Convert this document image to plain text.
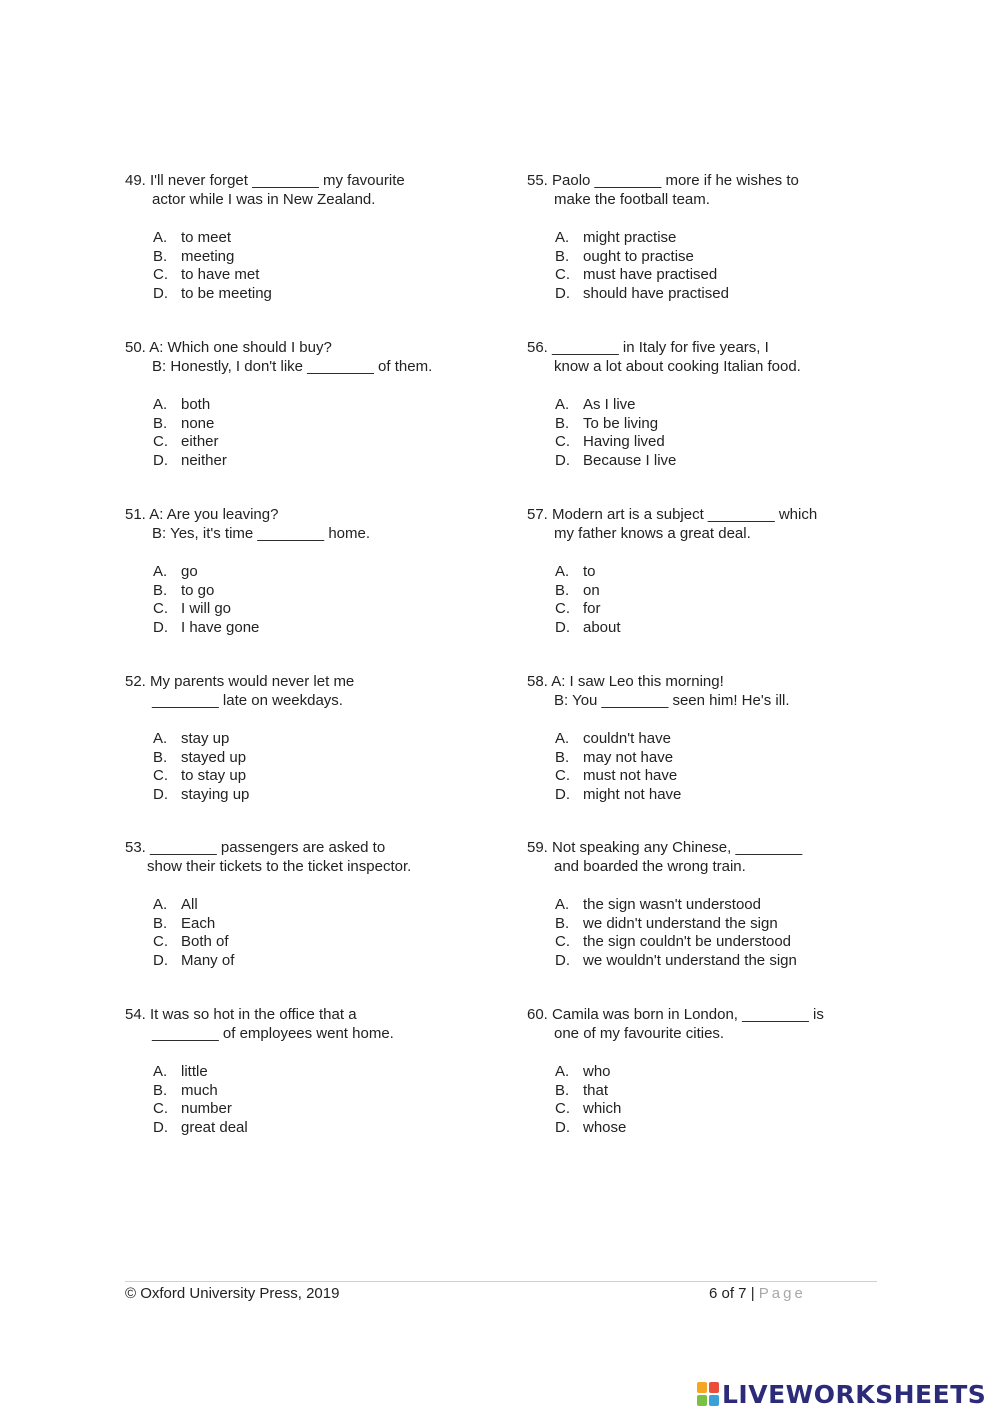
49. I'll never forget ________ my favourite
actor while I was in New Zealand.

A. to meet
B. meeting
C. to have met
D. to be meeting

50. A: Which one should I buy?
B: Honestly, I don't like ________ of them.

A. both
B. none
C. either
D. neither

51. A: Are you leaving?
B: Yes, it's time ________ home.

A. go
B. to go
C. I will go
D. I have gone

52. My parents would never let me
________ late on weekdays.

A. stay up
B. stayed up
C. to stay up
D. staying up

53. ________ passengers are asked to
show their tickets to the ticket inspector.

A. All
B. Each
C. Both of
D. Many of

54. It was so hot in the office that a
________ of employees went home.

A. little
B. much
C. number
D. great deal

55. Paolo ________ more if he wishes to
make the football team.

A. might practise
B. ought to practise
C. must have practised
D. should have practised

56. ________ in Italy for five years, I
know a lot about cooking Italian food.

A. As I live
B. To be living
C. Having lived
D. Because I live

57. Modern art is a subject ________ which
my father knows a great deal.

A. to
B. on
C. for
D. about

58. A: I saw Leo this morning!
B: You ________ seen him! He's ill.

A. couldn't have
B. may not have
C. must not have
D. might not have

59. Not speaking any Chinese, ________
and boarded the wrong train.

A. the sign wasn't understood
B. we didn't understand the sign
C. the sign couldn't be understood
D. we wouldn't understand the sign

60. Camila was born in London, ________ is
one of my favourite cities.

A. who
B. that
C. which
D. whose
© Oxford University Press, 2019	6 of 7 | Page
LIVEWORKSHEETS
